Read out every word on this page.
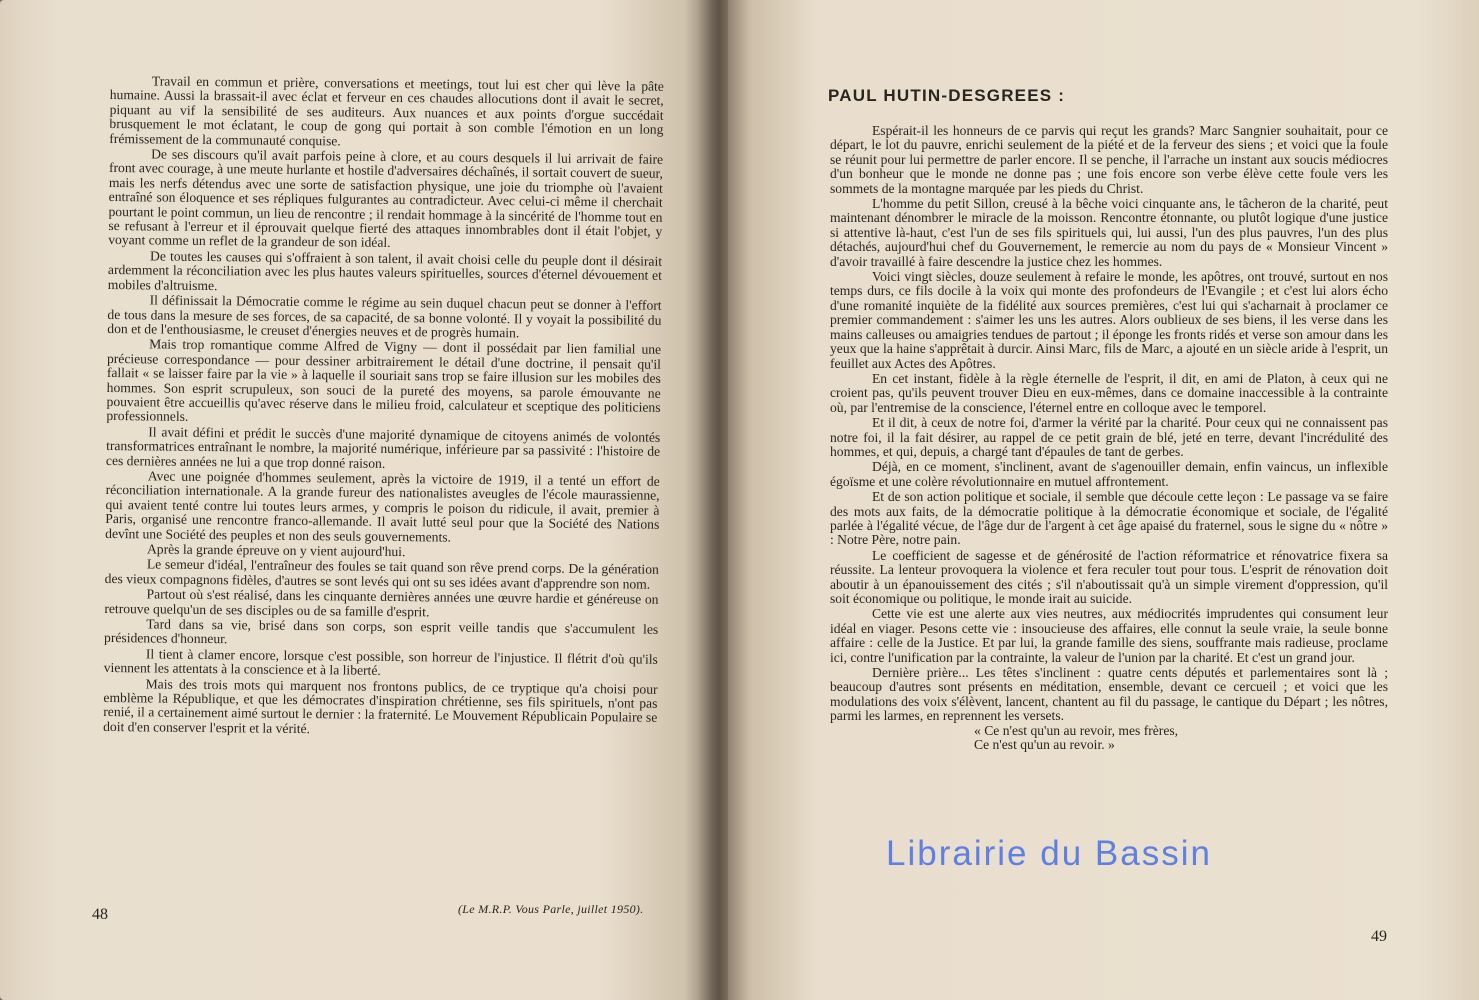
Travail en commun et prière, conversations et meetings, tout lui est cher qui lève la pâte humaine. Aussi la brassait-il avec éclat et ferveur en ces chaudes allocutions dont il avait le secret, piquant au vif la sensibilité de ses auditeurs. Aux nuances et aux points d'orgue succédait brusquement le mot éclatant, le coup de gong qui portait à son comble l'émotion en un long frémissement de la communauté conquise.

De ses discours qu'il avait parfois peine à clore, et au cours desquels il lui arrivait de faire front avec courage, à une meute hurlante et hostile d'adversaires déchaînés, il sortait couvert de sueur, mais les nerfs détendus avec une sorte de satisfaction physique, une joie du triomphe où l'avaient entraîné son éloquence et ses répliques fulgurantes au contradicteur. Avec celui-ci même il cherchait pourtant le point commun, un lieu de rencontre ; il rendait hommage à la sincérité de l'homme tout en se refusant à l'erreur et il éprouvait quelque fierté des attaques innombrables dont il était l'objet, y voyant comme un reflet de la grandeur de son idéal.

De toutes les causes qui s'offraient à son talent, il avait choisi celle du peuple dont il désirait ardemment la réconciliation avec les plus hautes valeurs spirituelles, sources d'éternel dévouement et mobiles d'altruisme.

Il définissait la Démocratie comme le régime au sein duquel chacun peut se donner à l'effort de tous dans la mesure de ses forces, de sa capacité, de sa bonne volonté. Il y voyait la possibilité du don et de l'enthousiasme, le creuset d'énergies neuves et de progrès humain.

Mais trop romantique comme Alfred de Vigny — dont il possédait par lien familial une précieuse correspondance — pour dessiner arbitrairement le détail d'une doctrine, il pensait qu'il fallait « se laisser faire par la vie » à laquelle il souriait sans trop se faire illusion sur les mobiles des hommes. Son esprit scrupuleux, son souci de la pureté des moyens, sa parole émouvante ne pouvaient être accueillis qu'avec réserve dans le milieu froid, calculateur et sceptique des politiciens professionnels.

Il avait défini et prédit le succès d'une majorité dynamique de citoyens animés de volontés transformatrices entraînant le nombre, la majorité numérique, inférieure par sa passivité : l'histoire de ces dernières années ne lui a que trop donné raison.

Avec une poignée d'hommes seulement, après la victoire de 1919, il a tenté un effort de réconciliation internationale. A la grande fureur des nationalistes aveugles de l'école maurassienne, qui avaient tenté contre lui toutes leurs armes, y compris le poison du ridicule, il avait, premier à Paris, organisé une rencontre franco-allemande. Il avait lutté seul pour que la Société des Nations devînt une Société des peuples et non des seuls gouvernements.

Après la grande épreuve on y vient aujourd'hui.

Le semeur d'idéal, l'entraîneur des foules se tait quand son rêve prend corps. De la génération des vieux compagnons fidèles, d'autres se sont levés qui ont su ses idées avant d'apprendre son nom.

Partout où s'est réalisé, dans les cinquante dernières années une œuvre hardie et généreuse on retrouve quelqu'un de ses disciples ou de sa famille d'esprit.

Tard dans sa vie, brisé dans son corps, son esprit veille tandis que s'accumulent les présidences d'honneur.

Il tient à clamer encore, lorsque c'est possible, son horreur de l'injustice. Il flétrit d'où qu'ils viennent les attentats à la conscience et à la liberté.

Mais des trois mots qui marquent nos frontons publics, de ce tryptique qu'a choisi pour emblème la République, et que les démocrates d'inspiration chrétienne, ses fils spirituels, n'ont pas renié, il a certainement aimé surtout le dernier : la fraternité. Le Mouvement Républicain Populaire se doit d'en conserver l'esprit et la vérité.

48	(Le M.R.P. Vous Parle, juillet 1950).
PAUL HUTIN-DESGREES :

Espérait-il les honneurs de ce parvis qui reçut les grands? Marc Sangnier souhaitait, pour ce départ, le lot du pauvre, enrichi seulement de la piété et de la ferveur des siens ; et voici que la foule se réunit pour lui permettre de parler encore. Il se penche, il l'arrache un instant aux soucis médiocres d'un bonheur que le monde ne donne pas ; une fois encore son verbe élève cette foule vers les sommets de la montagne marquée par les pieds du Christ.

L'homme du petit Sillon, creusé à la bêche voici cinquante ans, le tâcheron de la charité, peut maintenant dénombrer le miracle de la moisson. Rencontre étonnante, ou plutôt logique d'une justice si attentive là-haut, c'est l'un de ses fils spirituels qui, lui aussi, l'un des plus pauvres, l'un des plus détachés, aujourd'hui chef du Gouvernement, le remercie au nom du pays de « Monsieur Vincent » d'avoir travaillé à faire descendre la justice chez les hommes.

Voici vingt siècles, douze seulement à refaire le monde, les apôtres, ont trouvé, surtout en nos temps durs, ce fils docile à la voix qui monte des profondeurs de l'Evangile ; et c'est lui alors écho d'une romanité inquiète de la fidélité aux sources premières, c'est lui qui s'acharnait à proclamer ce premier commandement : s'aimer les uns les autres. Alors oublieux de ses biens, il les verse dans les mains calleuses ou amaigries tendues de partout ; il éponge les fronts ridés et verse son amour dans les yeux que la haine s'apprêtait à durcir. Ainsi Marc, fils de Marc, a ajouté en un siècle aride à l'esprit, un feuillet aux Actes des Apôtres.

En cet instant, fidèle à la règle éternelle de l'esprit, il dit, en ami de Platon, à ceux qui ne croient pas, qu'ils peuvent trouver Dieu en eux-mêmes, dans ce domaine inaccessible à la contrainte où, par l'entremise de la conscience, l'éternel entre en colloque avec le temporel.

Et il dit, à ceux de notre foi, d'armer la vérité par la charité. Pour ceux qui ne connaissent pas notre foi, il la fait désirer, au rappel de ce petit grain de blé, jeté en terre, devant l'incrédulité des hommes, et qui, depuis, a chargé tant d'épaules de tant de gerbes.

Déjà, en ce moment, s'inclinent, avant de s'agenouiller demain, enfin vaincus, un inflexible égoïsme et une colère révolutionnaire en mutuel affrontement.

Et de son action politique et sociale, il semble que découle cette leçon : Le passage va se faire des mots aux faits, de la démocratie politique à la démocratie économique et sociale, de l'égalité parlée à l'égalité vécue, de l'âge dur de l'argent à cet âge apaisé du fraternel, sous le signe du « nôtre » : Notre Père, notre pain.

Le coefficient de sagesse et de générosité de l'action réformatrice et rénovatrice fixera sa réussite. La lenteur provoquera la violence et fera reculer tout pour tous. L'esprit de rénovation doit aboutir à un épanouissement des cités ; s'il n'aboutissait qu'à un simple virement d'oppression, qu'il soit économique ou politique, le monde irait au suicide.

Cette vie est une alerte aux vies neutres, aux médiocrités imprudentes qui consument leur idéal en viager. Pesons cette vie : insoucieuse des affaires, elle connut la seule vraie, la seule bonne affaire : celle de la Justice. Et par lui, la grande famille des siens, souffrante mais radieuse, proclame ici, contre l'unification par la contrainte, la valeur de l'union par la charité. Et c'est un grand jour.

Dernière prière... Les têtes s'inclinent : quatre cents députés et parlementaires sont là ; beaucoup d'autres sont présents en méditation, ensemble, devant ce cercueil ; et voici que les modulations des voix s'élèvent, lancent, chantent au fil du passage, le cantique du Départ ; les nôtres, parmi les larmes, en reprennent les versets.

« Ce n'est qu'un au revoir, mes frères,

Ce n'est qu'un au revoir. »

49
Librairie du Bassin
